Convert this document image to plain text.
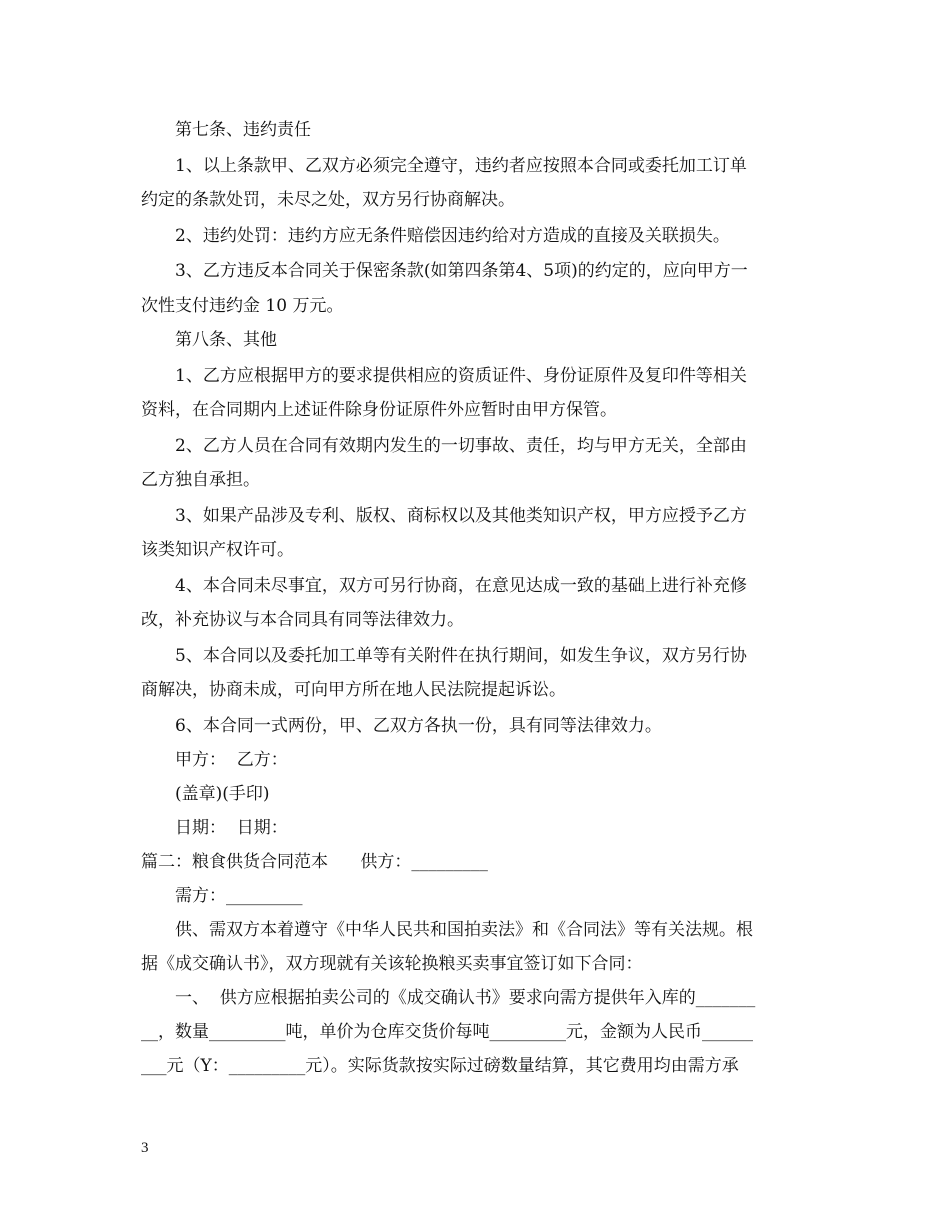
第七条、违约责任
1、以上条款甲、乙双方必须完全遵守，违约者应按照本合同或委托加工订单
约定的条款处罚，未尽之处，双方另行协商解决。
2、违约处罚：违约方应无条件赔偿因违约给对方造成的直接及关联损失。
3、乙方违反本合同关于保密条款(如第四条第4、5项)的约定的，应向甲方一
次性支付违约金 10 万元。
第八条、其他
1、乙方应根据甲方的要求提供相应的资质证件、身份证原件及复印件等相关
资料，在合同期内上述证件除身份证原件外应暂时由甲方保管。
2、乙方人员在合同有效期内发生的一切事故、责任，均与甲方无关，全部由
乙方独自承担。
3、如果产品涉及专利、版权、商标权以及其他类知识产权，甲方应授予乙方
该类知识产权许可。
4、本合同未尽事宜，双方可另行协商，在意见达成一致的基础上进行补充修
改，补充协议与本合同具有同等法律效力。
5、本合同以及委托加工单等有关附件在执行期间，如发生争议，双方另行协
商解决，协商未成，可向甲方所在地人民法院提起诉讼。
6、本合同一式两份，甲、乙双方各执一份，具有同等法律效力。
甲方：  乙方：
(盖章)(手印)
日期：  日期：
篇二：粮食供货合同范本      供方：_________
需方：_________
供、需双方本着遵守《中华人民共和国拍卖法》和《合同法》等有关法规。根
据《成交确认书》，双方现就有关该轮换粮买卖事宜签订如下合同：
一、  供方应根据拍卖公司的《成交确认书》要求向需方提供年入库的_______
__，数量_________吨，单价为仓库交货价每吨_________元，金额为人民币______
___元（Y：_________元）。实际货款按实际过磅数量结算，其它费用均由需方承
3
